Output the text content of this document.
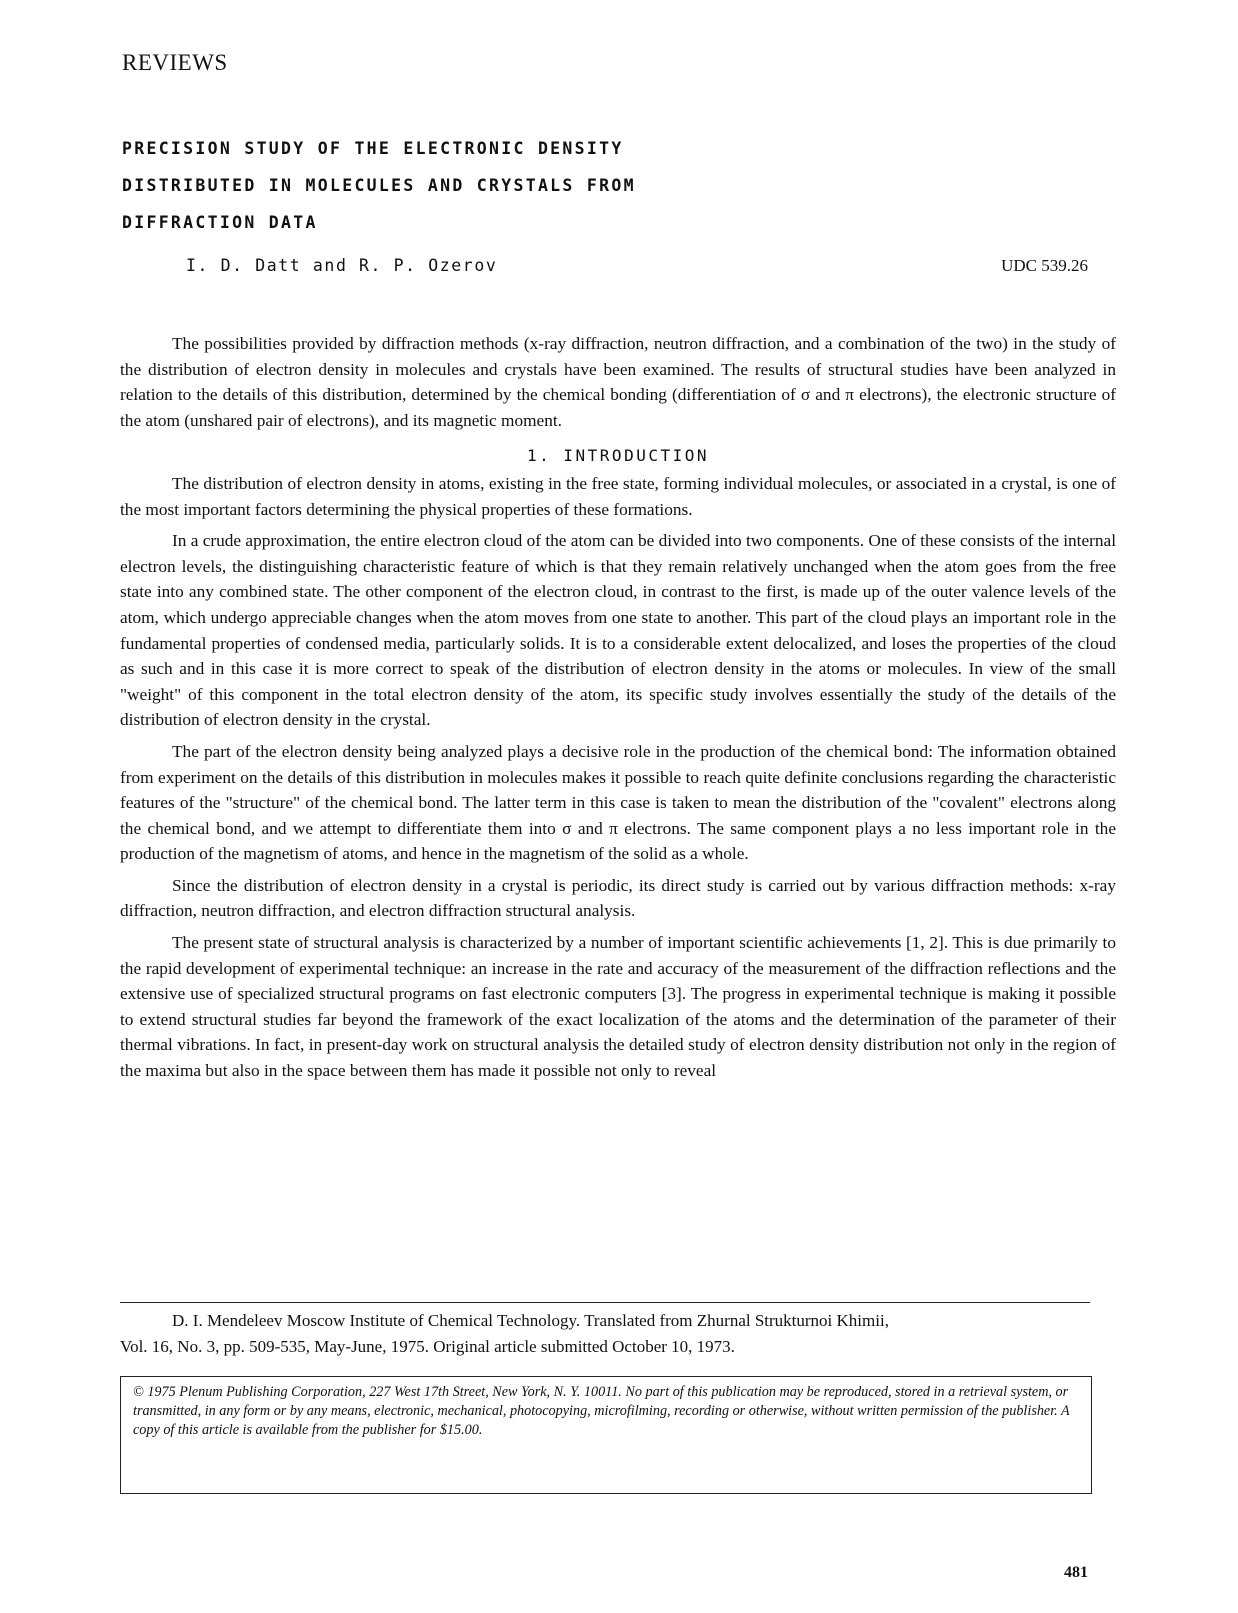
REVIEWS
PRECISION STUDY OF THE ELECTRONIC DENSITY
DISTRIBUTED IN MOLECULES AND CRYSTALS FROM
DIFFRACTION DATA
I. D. Datt and R. P. Ozerov	UDC 539.26

The possibilities provided by diffraction methods (x-ray diffraction, neutron diffraction, and a combination of the two) in the study of the distribution of electron density in molecules and crystals have been examined. The results of structural studies have been analyzed in relation to the details of this distribution, determined by the chemical bonding (differentiation of σ and π electrons), the electronic structure of the atom (unshared pair of electrons), and its magnetic moment.

1. INTRODUCTION

The distribution of electron density in atoms, existing in the free state, forming individual molecules, or associated in a crystal, is one of the most important factors determining the physical properties of these formations.

In a crude approximation, the entire electron cloud of the atom can be divided into two components. One of these consists of the internal electron levels, the distinguishing characteristic feature of which is that they remain relatively unchanged when the atom goes from the free state into any combined state. The other component of the electron cloud, in contrast to the first, is made up of the outer valence levels of the atom, which undergo appreciable changes when the atom moves from one state to another. This part of the cloud plays an important role in the fundamental properties of condensed media, particularly solids. It is to a considerable extent delocalized, and loses the properties of the cloud as such and in this case it is more correct to speak of the distribution of electron density in the atoms or molecules. In view of the small "weight" of this component in the total electron density of the atom, its specific study involves essentially the study of the details of the distribution of electron density in the crystal.

The part of the electron density being analyzed plays a decisive role in the production of the chemical bond: The information obtained from experiment on the details of this distribution in molecules makes it possible to reach quite definite conclusions regarding the characteristic features of the "structure" of the chemical bond. The latter term in this case is taken to mean the distribution of the "covalent" electrons along the chemical bond, and we attempt to differentiate them into σ and π electrons. The same component plays a no less important role in the production of the magnetism of atoms, and hence in the magnetism of the solid as a whole.

Since the distribution of electron density in a crystal is periodic, its direct study is carried out by various diffraction methods: x-ray diffraction, neutron diffraction, and electron diffraction structural analysis.

The present state of structural analysis is characterized by a number of important scientific achievements [1, 2]. This is due primarily to the rapid development of experimental technique: an increase in the rate and accuracy of the measurement of the diffraction reflections and the extensive use of specialized structural programs on fast electronic computers [3]. The progress in experimental technique is making it possible to extend structural studies far beyond the framework of the exact localization of the atoms and the determination of the parameter of their thermal vibrations. In fact, in present-day work on structural analysis the detailed study of electron density distribution not only in the region of the maxima but also in the space between them has made it possible not only to reveal

D. I. Mendeleev Moscow Institute of Chemical Technology. Translated from Zhurnal Strukturnoi Khimii,
Vol. 16, No. 3, pp. 509-535, May-June, 1975. Original article submitted October 10, 1973.
© 1975 Plenum Publishing Corporation, 227 West 17th Street, New York, N. Y. 10011. No part of this publication may be reproduced, stored in a retrieval system, or transmitted, in any form or by any means, electronic, mechanical, photocopying, microfilming, recording or otherwise, without written permission of the publisher. A copy of this article is available from the publisher for $15.00.
481
